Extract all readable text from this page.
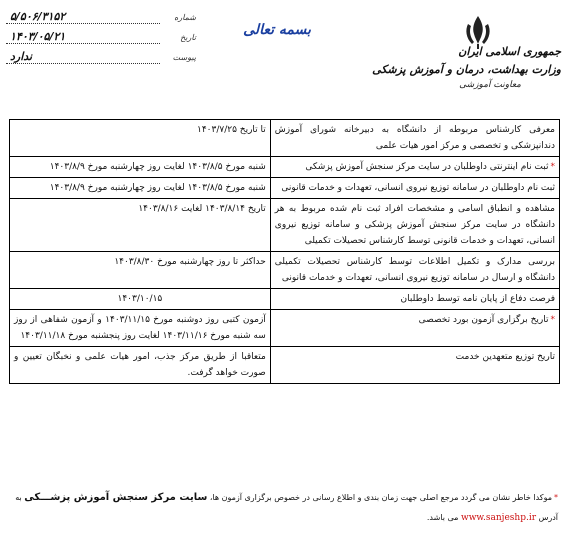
جمهوری اسلامی ایران
وزارت بهداشت، درمان و آموزش پزشکی
معاونت آموزشی
بسمه تعالی
شماره
۵/۵۰۶/۳۱۵۲
تاریخ
۱۴۰۳/۰۵/۲۱
پیوست
ندارد
معرفی کارشناس مربوطه از دانشگاه به دبیرخانه شورای آموزش دندانپزشکی و تخصصی و مرکز امور هیات علمی	تا تاریخ ۱۴۰۳/۷/۲۵
*ثبت نام اینترنتی داوطلبان در سایت مرکز سنجش آموزش پزشکی	شنبه مورخ ۱۴۰۳/۸/۵ لغایت روز چهارشنبه مورخ ۱۴۰۳/۸/۹
ثبت نام داوطلبان در سامانه توزیع نیروی انسانی، تعهدات و خدمات قانونی	شنبه مورخ ۱۴۰۳/۸/۵ لغایت روز چهارشنبه مورخ ۱۴۰۳/۸/۹
مشاهده و انطباق اسامی و مشخصات افراد ثبت نام شده مربوط به هر دانشگاه در سایت مرکز سنجش آموزش پزشکی و سامانه توزیع نیروی انسانی، تعهدات و خدمات قانونی توسط کارشناس تحصیلات تکمیلی	تاریخ ۱۴۰۳/۸/۱۴ لغایت ۱۴۰۳/۸/۱۶
بررسی مدارک و تکمیل اطلاعات توسط کارشناس تحصیلات تکمیلی دانشگاه و ارسال در سامانه توزیع نیروی انسانی، تعهدات و خدمات قانونی	حداکثر تا روز چهارشنبه مورخ ۱۴۰۳/۸/۳۰
فرصت دفاع از پایان نامه توسط داوطلبان	۱۴۰۳/۱۰/۱۵
*تاریخ برگزاری آزمون بورد تخصصی	آزمون کتبی روز دوشنبه مورخ ۱۴۰۳/۱۱/۱۵ و آزمون شفاهی از روز سه شنبه مورخ ۱۴۰۳/۱۱/۱۶ لغایت روز پنجشنبه مورخ ۱۴۰۳/۱۱/۱۸
تاریخ توزیع متعهدین خدمت	متعاقبا از طریق مرکز جذب، امور هیات علمی و نخبگان تعیین و صورت خواهد گرفت.
*موکدا خاطر نشان می گردد مرجع اصلی جهت زمان بندی و اطلاع رسانی در خصوص برگزاری آزمون ها، سایت مرکز سنجش آموزش پزشـــکی به آدرس www.sanjeshp.ir می باشد.
